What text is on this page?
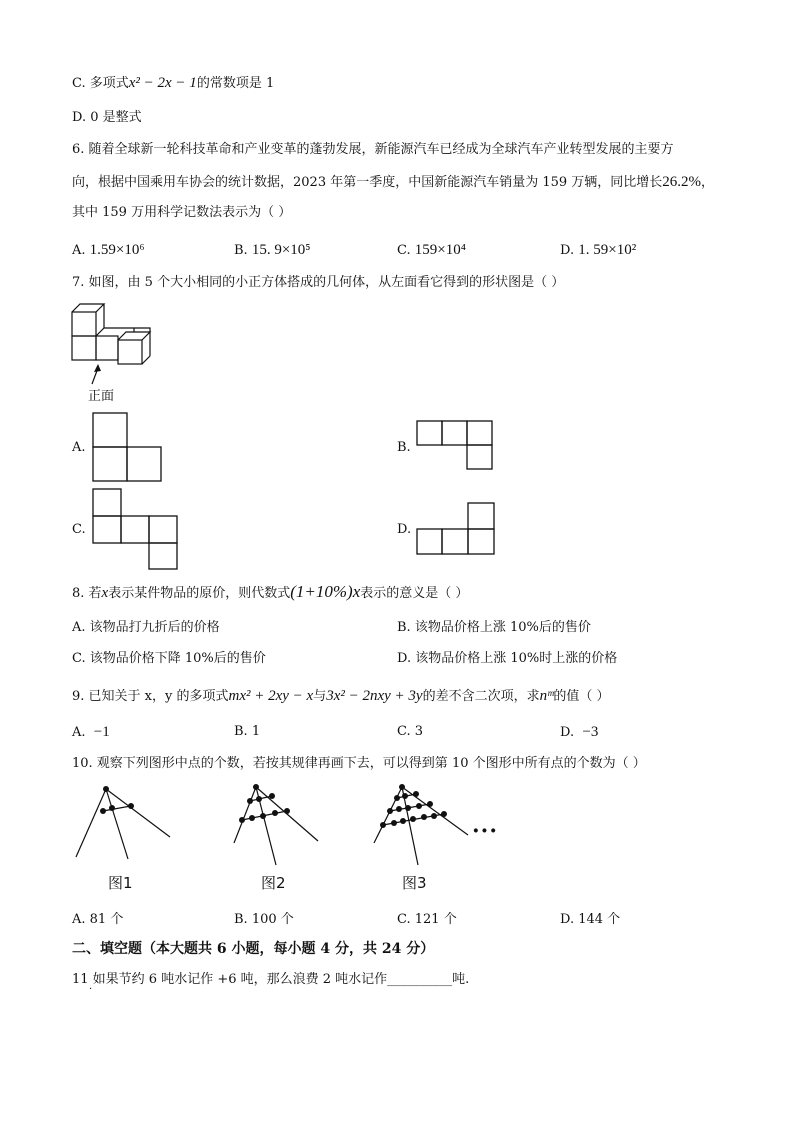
C. 多项式x² − 2x − 1的常数项是 1
D. 0 是整式
6. 随着全球新一轮科技革命和产业变革的蓬勃发展，新能源汽车已经成为全球汽车产业转型发展的主要方
向，根据中国乘用车协会的统计数据，2023 年第一季度，中国新能源汽车销量为 159 万辆，同比增长26.2%，
其中 159 万用科学记数法表示为（ ）
A. 1.59×10⁶	B. 15. 9×10⁵	C. 159×10⁴	D. 1. 59×10²
7. 如图，由 5 个大小相同的小正方体搭成的几何体，从左面看它得到的形状图是（ ）
正面
A.	B.
C.	D.
8. 若x表示某件物品的原价，则代数式(1+10%)x表示的意义是（ ）
A. 该物品打九折后的价格	B. 该物品价格上涨 10%后的售价
C. 该物品价格下降 10%后的售价	D. 该物品价格上涨 10%时上涨的价格
9. 已知关于 x，y 的多项式mx² + 2xy − x与3x² − 2nxy + 3y的差不含二次项，求nᵐ的值（ ）
A. −1	B. 1	C. 3	D. −3
10. 观察下列图形中点的个数，若按其规律再画下去，可以得到第 10 个图形中所有点的个数为（ ）
图1	图2
···
图3
A. 81 个	B. 100 个	C. 121 个	D. 144 个
二、填空题（本大题共 6 小题，每小题 4 分，共 24 分）
11 如果节约 6 吨水记作 +6 吨，那么浪费 2 吨水记作__________吨.
·
